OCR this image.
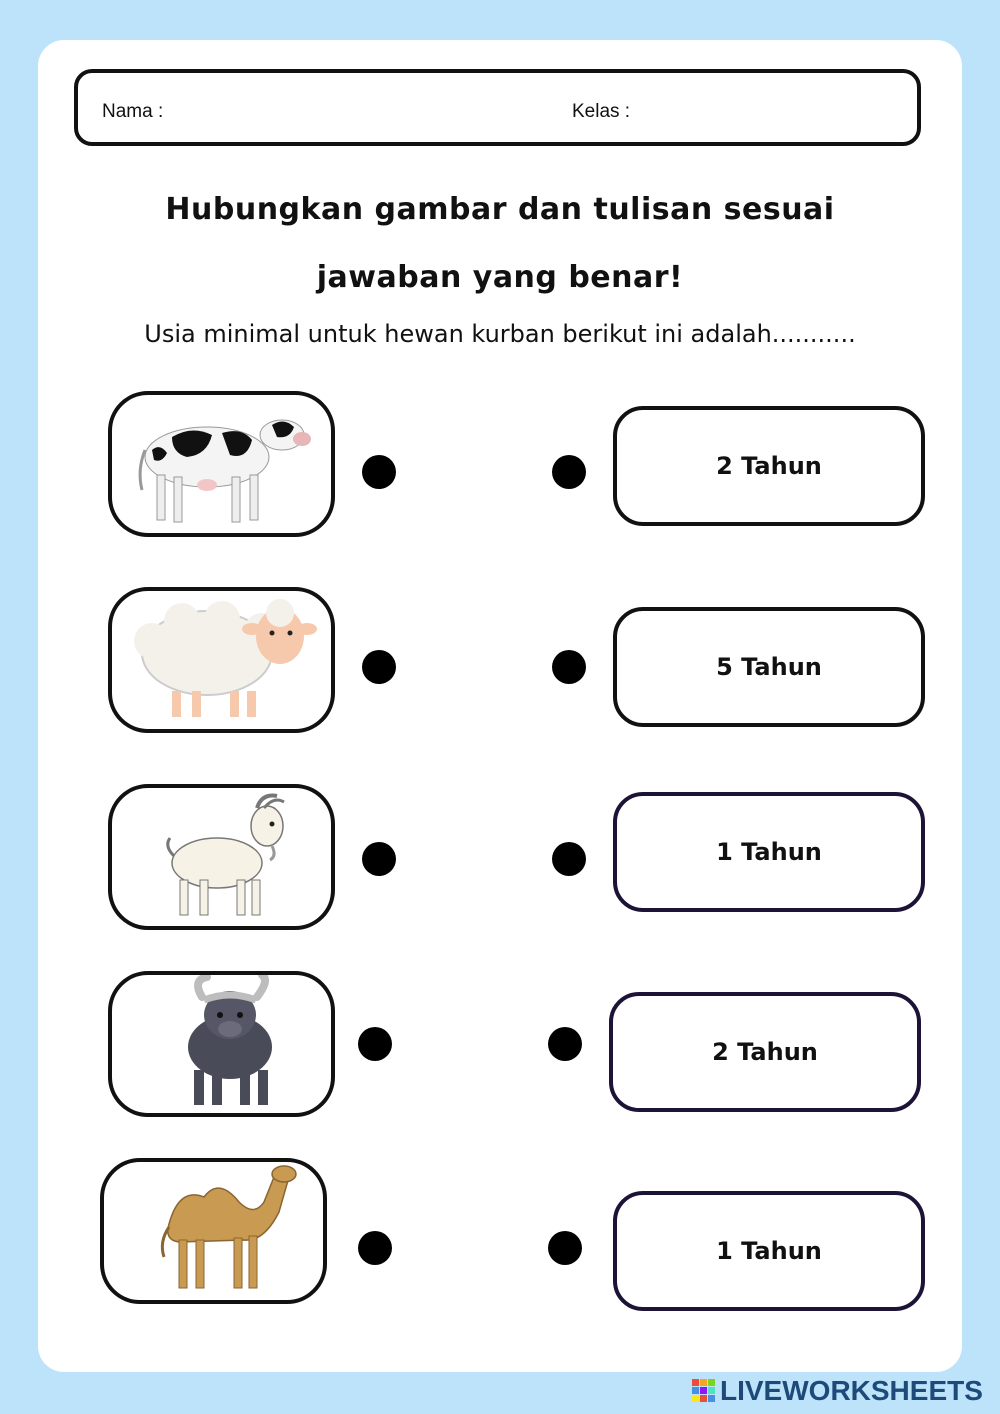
Nama :	Kelas :
Hubungkan gambar dan tulisan sesuai
jawaban yang benar!
Usia minimal untuk hewan kurban berikut ini adalah...........
2 Tahun
5 Tahun
1 Tahun
2 Tahun
1 Tahun
LIVEWORKSHEETS
